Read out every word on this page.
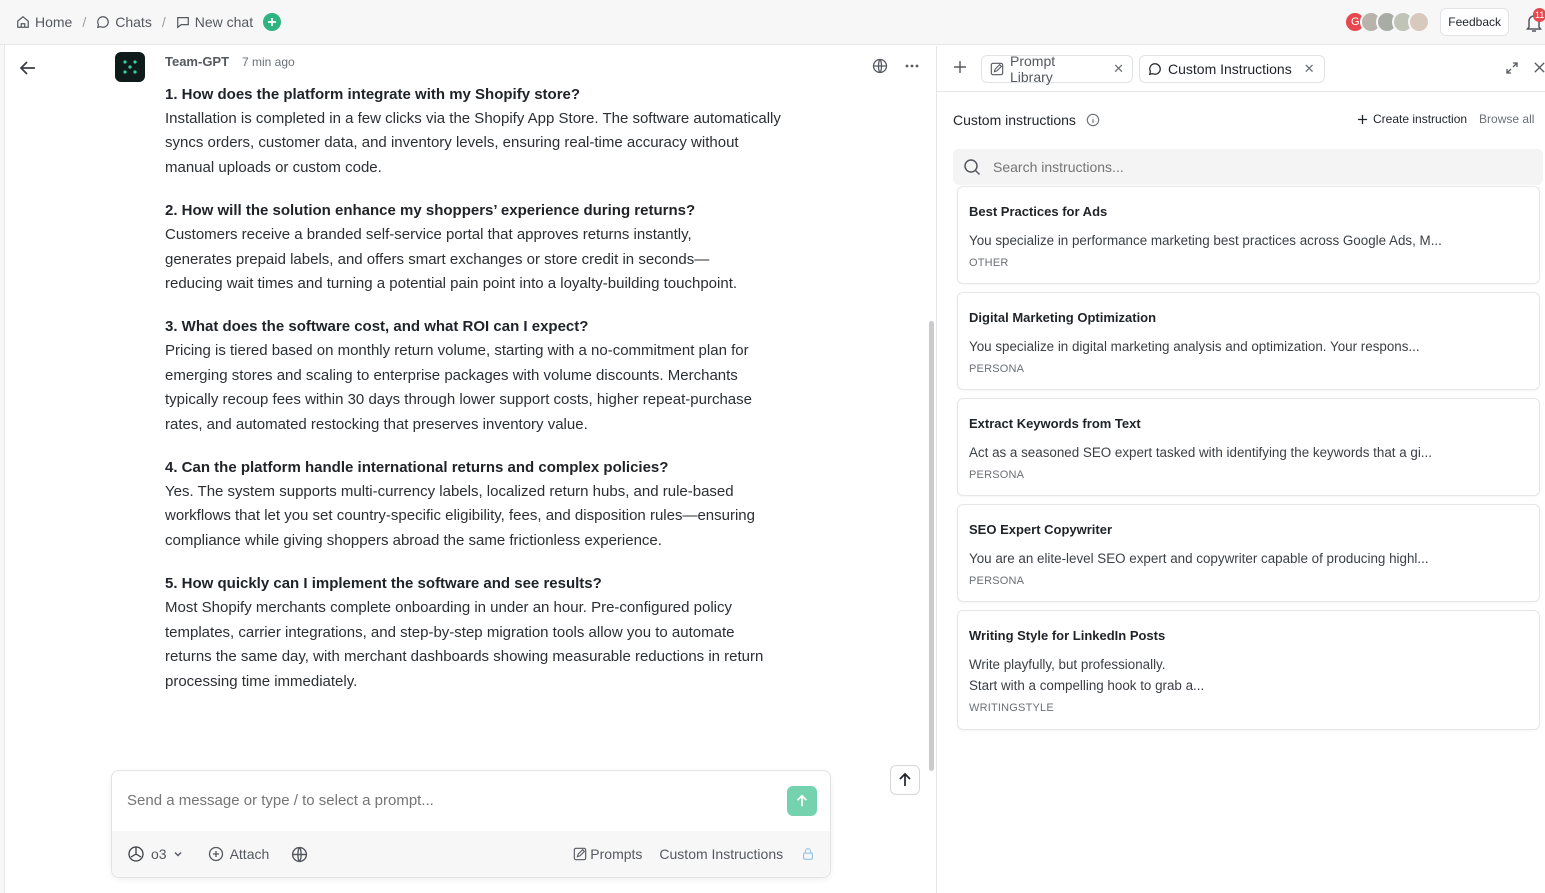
Home / Chats / New chat	G	Feedback	11
Team-GPT 7 min ago
1. How does the platform integrate with my Shopify store?

Installation is completed in a few clicks via the Shopify App Store. The software automatically syncs orders, customer data, and inventory levels, ensuring real-time accuracy without manual uploads or custom code.

2. How will the solution enhance my shoppers’ experience during returns?

Customers receive a branded self-service portal that approves returns instantly, generates prepaid labels, and offers smart exchanges or store credit in seconds—reducing wait times and turning a potential pain point into a loyalty-building touchpoint.

3. What does the software cost, and what ROI can I expect?

Pricing is tiered based on monthly return volume, starting with a no-commitment plan for emerging stores and scaling to enterprise packages with volume discounts. Merchants typically recoup fees within 30 days through lower support costs, higher repeat-purchase rates, and automated restocking that preserves inventory value.

4. Can the platform handle international returns and complex policies?

Yes. The system supports multi-currency labels, localized return hubs, and rule-based workflows that let you set country-specific eligibility, fees, and disposition rules—ensuring compliance while giving shoppers abroad the same frictionless experience.

5. How quickly can I implement the software and see results?

Most Shopify merchants complete onboarding in under an hour. Pre-configured policy templates, carrier integrations, and step-by-step migration tools allow you to automate returns the same day, with merchant dashboards showing measurable reductions in return processing time immediately.

Send a message or type / to select a prompt...
o3	Attach	Prompts Custom Instructions
Prompt Library
✕	Custom Instructions ✕
Custom instructions	Create instruction Browse all
Search instructions...
Best Practices for Ads
You specialize in performance marketing best practices across Google Ads, M...
OTHER
Digital Marketing Optimization
You specialize in digital marketing analysis and optimization. Your respons...
PERSONA
Extract Keywords from Text
Act as a seasoned SEO expert tasked with identifying the keywords that a gi...
PERSONA
SEO Expert Copywriter
You are an elite-level SEO expert and copywriter capable of producing highl...
PERSONA
Writing Style for LinkedIn Posts
Write playfully, but professionally.
Start with a compelling hook to grab a...
WRITINGSTYLE
